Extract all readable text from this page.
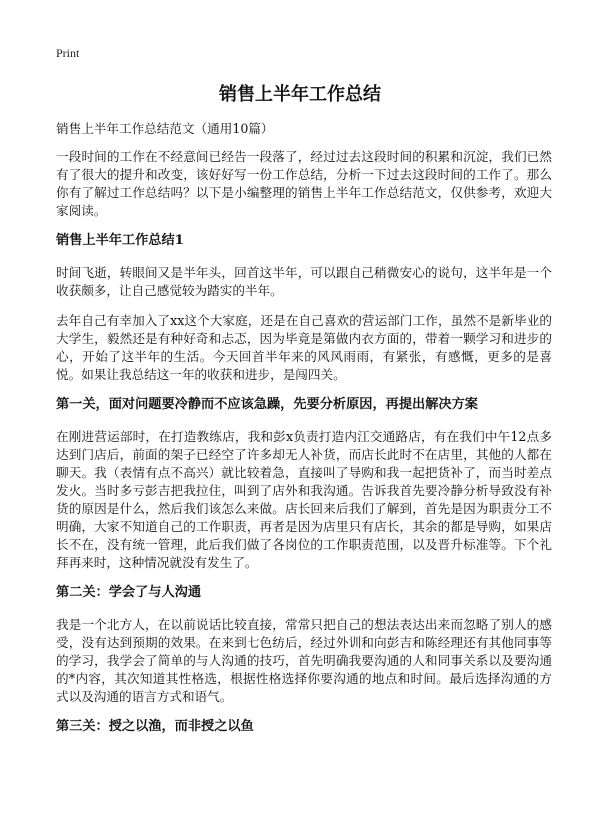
Print
销售上半年工作总结
销售上半年工作总结范文（通用10篇）

一段时间的工作在不经意间已经告一段落了，经过过去这段时间的积累和沉淀，我们已然有了很大的提升和改变，该好好写一份工作总结，分析一下过去这段时间的工作了。那么你有了解过工作总结吗？以下是小编整理的销售上半年工作总结范文，仅供参考，欢迎大家阅读。

销售上半年工作总结1

时间飞逝，转眼间又是半年头，回首这半年，可以跟自己稍微安心的说句，这半年是一个收获颇多，让自己感觉较为踏实的半年。

去年自己有幸加入了xx这个大家庭，还是在自己喜欢的营运部门工作，虽然不是新毕业的大学生，毅然还是有种好奇和忐忑，因为毕竟是第做内衣方面的，带着一颗学习和进步的心，开始了这半年的生活。今天回首半年来的风风雨雨，有紧张，有感慨，更多的是喜悦。如果让我总结这一年的收获和进步，是闯四关。

第一关，面对问题要冷静而不应该急躁，先要分析原因，再提出解决方案

在刚进营运部时，在打造教练店，我和彭x负责打造内江交通路店，有在我们中午12点多达到门店后，前面的架子已经空了许多却无人补货，而店长此时不在店里，其他的人都在聊天。我（表情有点不高兴）就比较着急，直接叫了导购和我一起把货补了，而当时差点发火。当时多亏彭吉把我拉住，叫到了店外和我沟通。告诉我首先要冷静分析导致没有补货的原因是什么，然后我们该怎么来做。店长回来后我们了解到，首先是因为职责分工不明确，大家不知道自己的工作职责，再者是因为店里只有店长，其余的都是导购，如果店长不在，没有统一管理，此后我们做了各岗位的工作职责范围，以及晋升标准等。下个礼拜再来时，这种情况就没有发生了。

第二关：学会了与人沟通

我是一个北方人，在以前说话比较直接，常常只把自己的想法表达出来而忽略了别人的感受，没有达到预期的效果。在来到七色纺后，经过外训和向彭吉和陈经理还有其他同事等的学习，我学会了简单的与人沟通的技巧，首先明确我要沟通的人和同事关系以及要沟通的*内容，其次知道其性格选，根据性格选择你要沟通的地点和时间。最后选择沟通的方式以及沟通的语言方式和语气。

第三关：授之以渔，而非授之以鱼
